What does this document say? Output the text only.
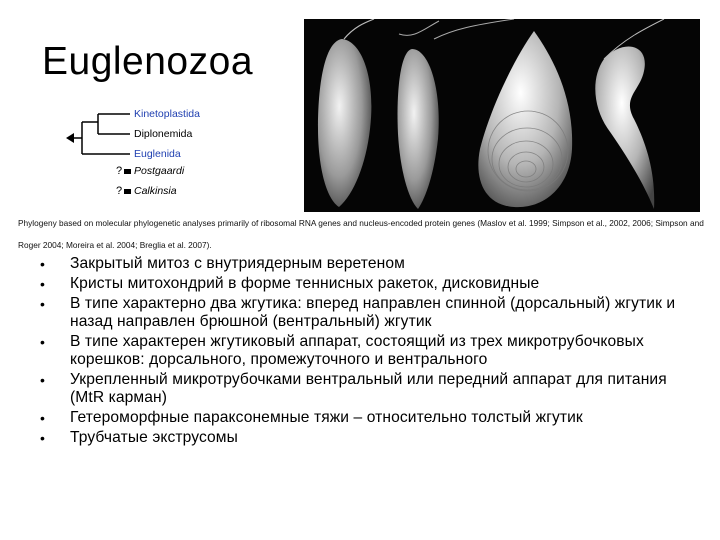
Euglenozoa
Kinetoplastida
Diplonemida
Euglenida
? Postgaardi
? Calkinsia
Phylogeny based on molecular phylogenetic analyses primarily of ribosomal RNA genes and nucleus-encoded protein genes (Maslov et al. 1999; Simpson et al., 2002, 2006; Simpson and Roger 2004; Moreira et al. 2004; Breglia et al. 2007).
• Закрытый митоз с внутриядерным веретеном
• Кристы митохондрий в форме теннисных ракеток, дисковидные
• В типе характерно два жгутика: вперед направлен спинной (дорсальный) жгутик и назад направлен брюшной (вентральный) жгутик
• В типе характерен жгутиковый аппарат, состоящий из трех микротрубочковых корешков: дорсального, промежуточного и вентрального
• Укрепленный микротрубочками вентральный или передний аппарат для питания (MtR карман)
• Гетероморфные параксонемные тяжи – относительно толстый жгутик
• Трубчатые экструсомы
